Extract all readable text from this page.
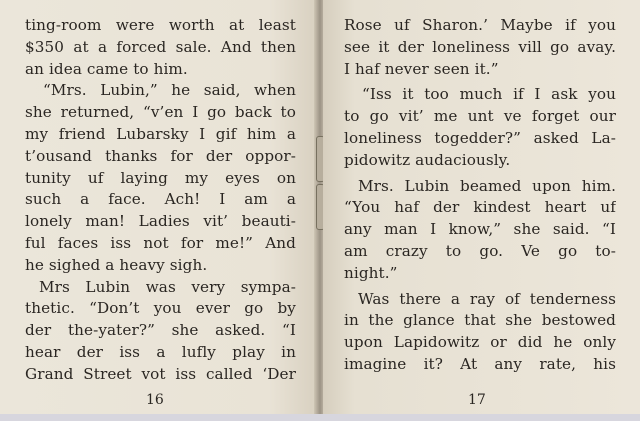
ting-room were worth at least
$350 at a forced sale. And then
an idea came to him.
“Mrs. Lubin,” he said, when
she returned, “v’en I go back to
my friend Lubarsky I gif him a
t’ousand thanks for der oppor-
tunity uf laying my eyes on
such a face. Ach! I am a
lonely man! Ladies vit’ beauti-
ful faces iss not for me!” And
he sighed a heavy sigh.
Mrs Lubin was very sympa-
thetic. “Don’t you ever go by
der the-yater?” she asked. “I
hear der iss a lufly play in
Grand Street vot iss called ‘Der
16
Rose uf Sharon.’ Maybe if you
see it der loneliness vill go avay.
I haf never seen it.”
“Iss it too much if I ask you
to go vit’ me unt ve forget our
loneliness togedder?” asked La-
pidowitz audaciously.
Mrs. Lubin beamed upon him.
“You haf der kindest heart uf
any man I know,” she said. “I
am crazy to go. Ve go to-
night.”
Was there a ray of tenderness
in the glance that she bestowed
upon Lapidowitz or did he only
imagine it? At any rate, his
17
